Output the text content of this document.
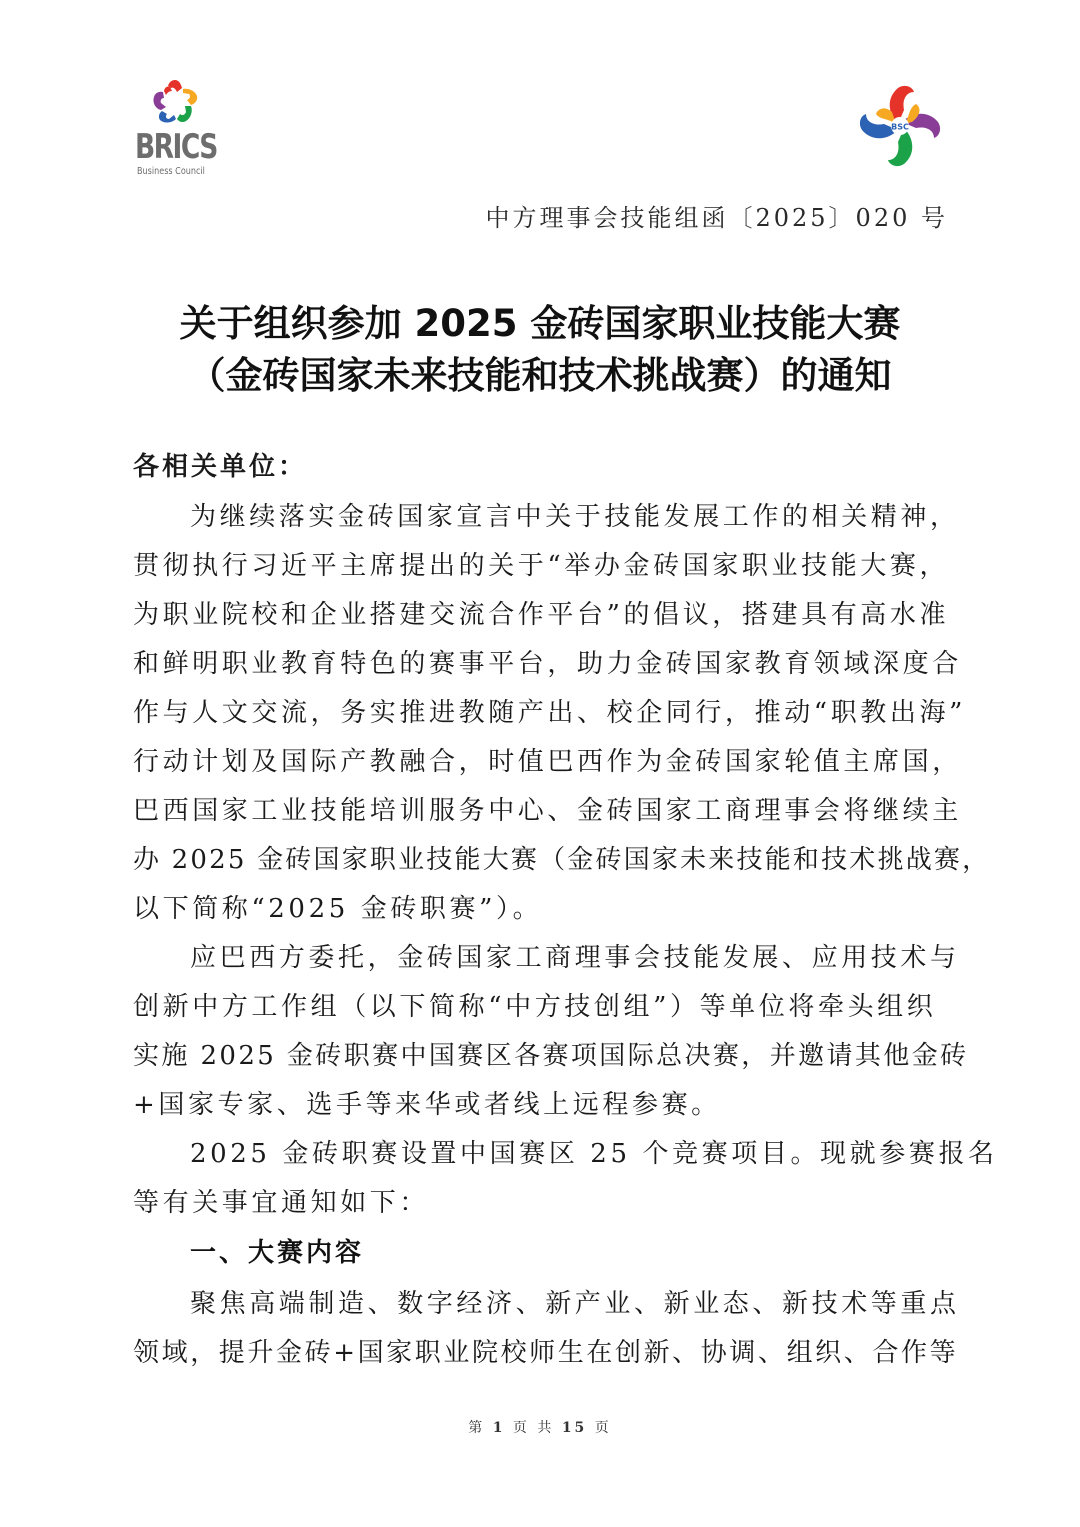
BRICS
Business Council
BSC
中方理事会技能组函〔2025〕020 号
关于组织参加 2025 金砖国家职业技能大赛
（金砖国家未来技能和技术挑战赛）的通知
各相关单位：
为继续落实金砖国家宣言中关于技能发展工作的相关精神，
贯彻执行习近平主席提出的关于“举办金砖国家职业技能大赛，
为职业院校和企业搭建交流合作平台”的倡议，搭建具有高水准
和鲜明职业教育特色的赛事平台，助力金砖国家教育领域深度合
作与人文交流，务实推进教随产出、校企同行，推动“职教出海”
行动计划及国际产教融合，时值巴西作为金砖国家轮值主席国，
巴西国家工业技能培训服务中心、金砖国家工商理事会将继续主
办 2025 金砖国家职业技能大赛（金砖国家未来技能和技术挑战赛，
以下简称“2025 金砖职赛”）。
应巴西方委托，金砖国家工商理事会技能发展、应用技术与
创新中方工作组（以下简称“中方技创组”）等单位将牵头组织
实施 2025 金砖职赛中国赛区各赛项国际总决赛，并邀请其他金砖
+国家专家、选手等来华或者线上远程参赛。
2025 金砖职赛设置中国赛区 25 个竞赛项目。现就参赛报名
等有关事宜通知如下：
一、大赛内容
聚焦高端制造、数字经济、新产业、新业态、新技术等重点
领域，提升金砖+国家职业院校师生在创新、协调、组织、合作等
第 1 页 共 15 页
